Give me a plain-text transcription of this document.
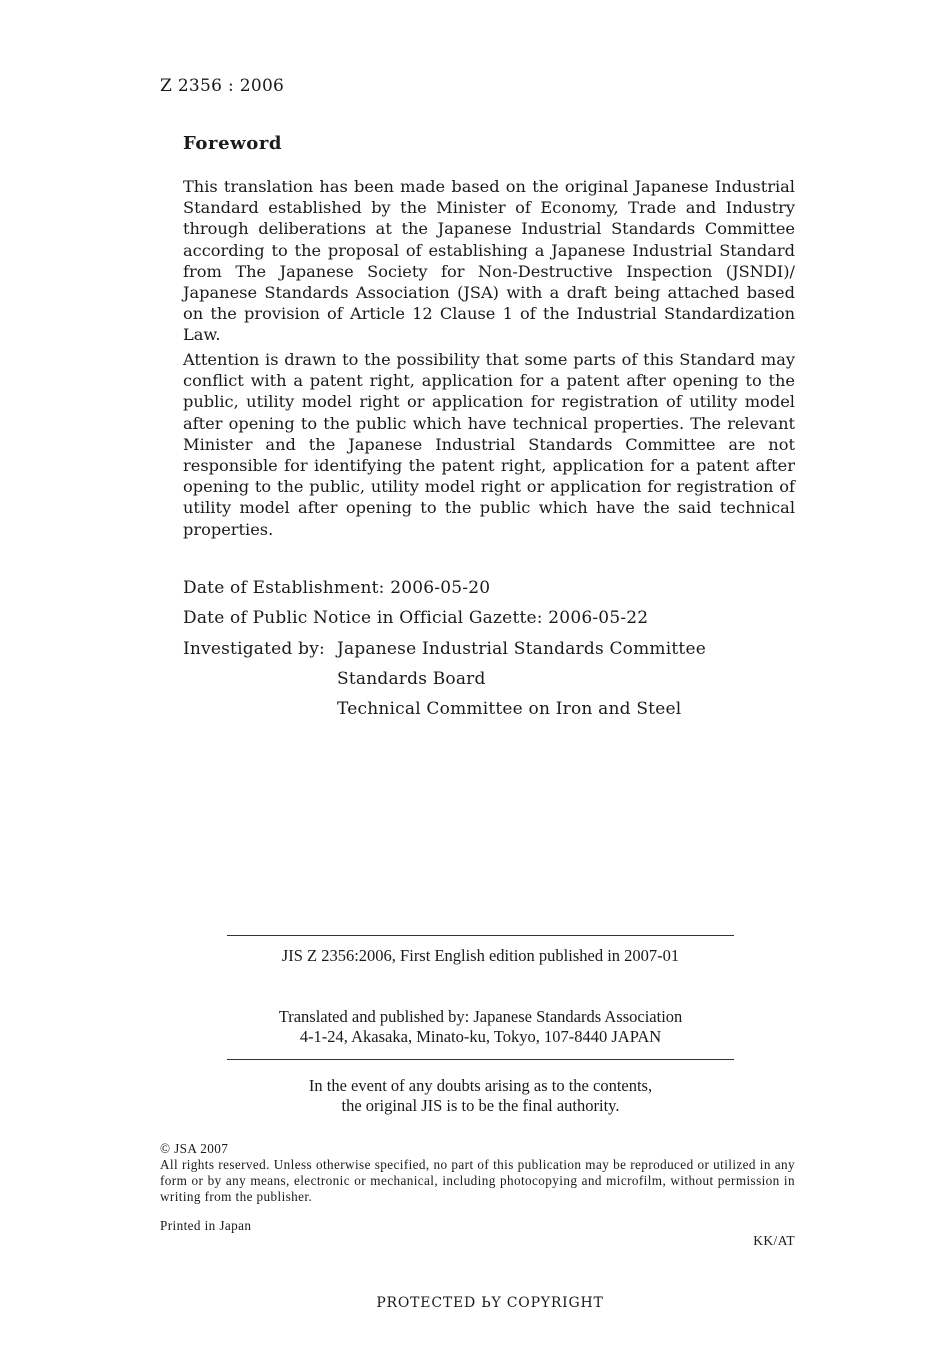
Z 2356 : 2006
Foreword

This translation has been made based on the original Japanese Industrial Standard established by the Minister of Economy, Trade and Industry through deliberations at the Japanese Industrial Standards Committee according to the proposal of establishing a Japanese Industrial Standard from The Japanese Society for Non-Destructive Inspection (JSNDI)/ Japanese Standards Association (JSA) with a draft being attached based on the provision of Article 12 Clause 1 of the Industrial Standardization Law.

Attention is drawn to the possibility that some parts of this Standard may conflict with a patent right, application for a patent after opening to the public, utility model right or application for registration of utility model after opening to the public which have technical properties. The relevant Minister and the Japanese Industrial Standards Committee are not responsible for identifying the patent right, application for a patent after opening to the public, utility model right or application for registration of utility model after opening to the public which have the said technical properties.

Date of Establishment: 2006-05-20
Date of Public Notice in Official Gazette: 2006-05-22
Investigated by: Japanese Industrial Standards Committee
Standards Board
Technical Committee on Iron and Steel
JIS Z 2356:2006, First English edition published in 2007-01
Translated and published by: Japanese Standards Association
4-1-24, Akasaka, Minato-ku, Tokyo, 107-8440 JAPAN
In the event of any doubts arising as to the contents,
the original JIS is to be the final authority.
© JSA 2007

All rights reserved. Unless otherwise specified, no part of this publication may be reproduced or utilized in any form or by any means, electronic or mechanical, including photocopying and microfilm, without permission in writing from the publisher.

Printed in Japan
KK/AT
PROTECTED ЬY COPYRIGHT
